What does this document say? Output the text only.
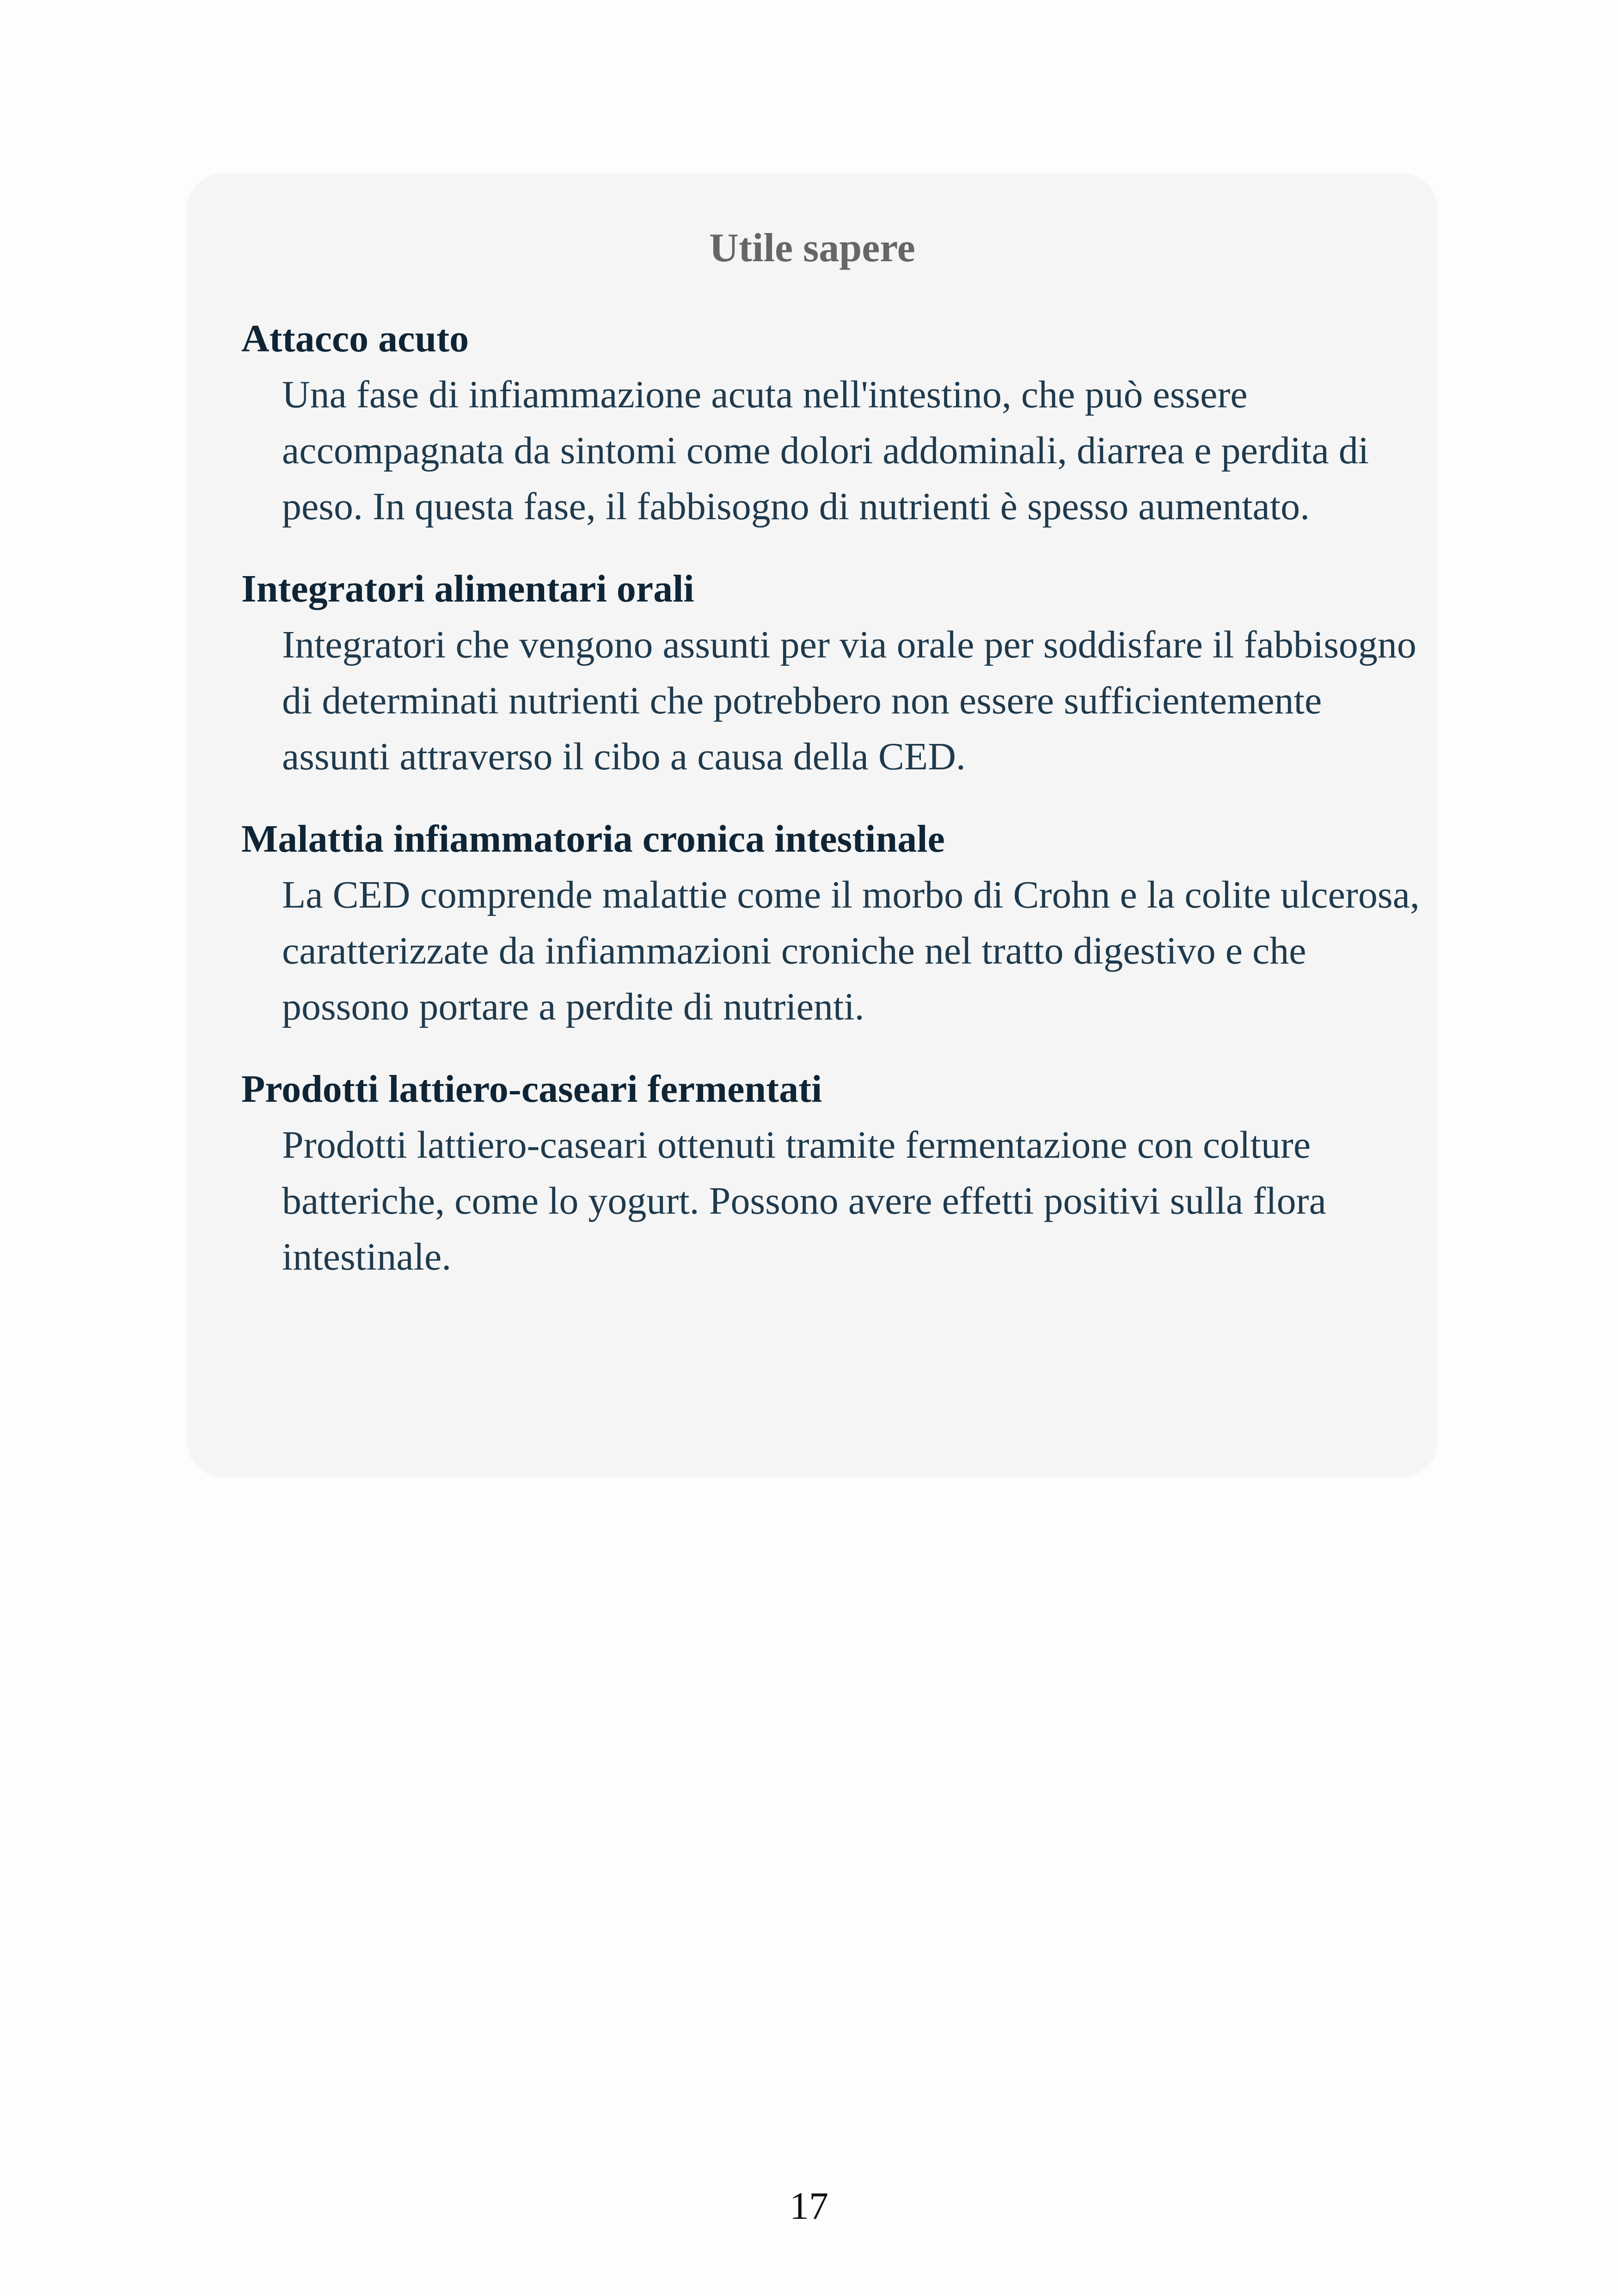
Utile sapere
Attacco acuto
Una fase di infiammazione acuta nell'intestino, che può essere accompagnata da sintomi come dolori addominali, diarrea e perdita di peso. In questa fase, il fabbisogno di nutrienti è spesso aumentato.
Integratori alimentari orali
Integratori che vengono assunti per via orale per soddisfare il fabbisogno di determinati nutrienti che potrebbero non essere sufficientemente assunti attraverso il cibo a causa della CED.
Malattia infiammatoria cronica intestinale
La CED comprende malattie come il morbo di Crohn e la colite ulcerosa, caratterizzate da infiammazioni croniche nel tratto digestivo e che possono portare a perdite di nutrienti.
Prodotti lattiero-caseari fermentati
Prodotti lattiero-caseari ottenuti tramite fermentazione con colture batteriche, come lo yogurt. Possono avere effetti positivi sulla flora intestinale.
17
